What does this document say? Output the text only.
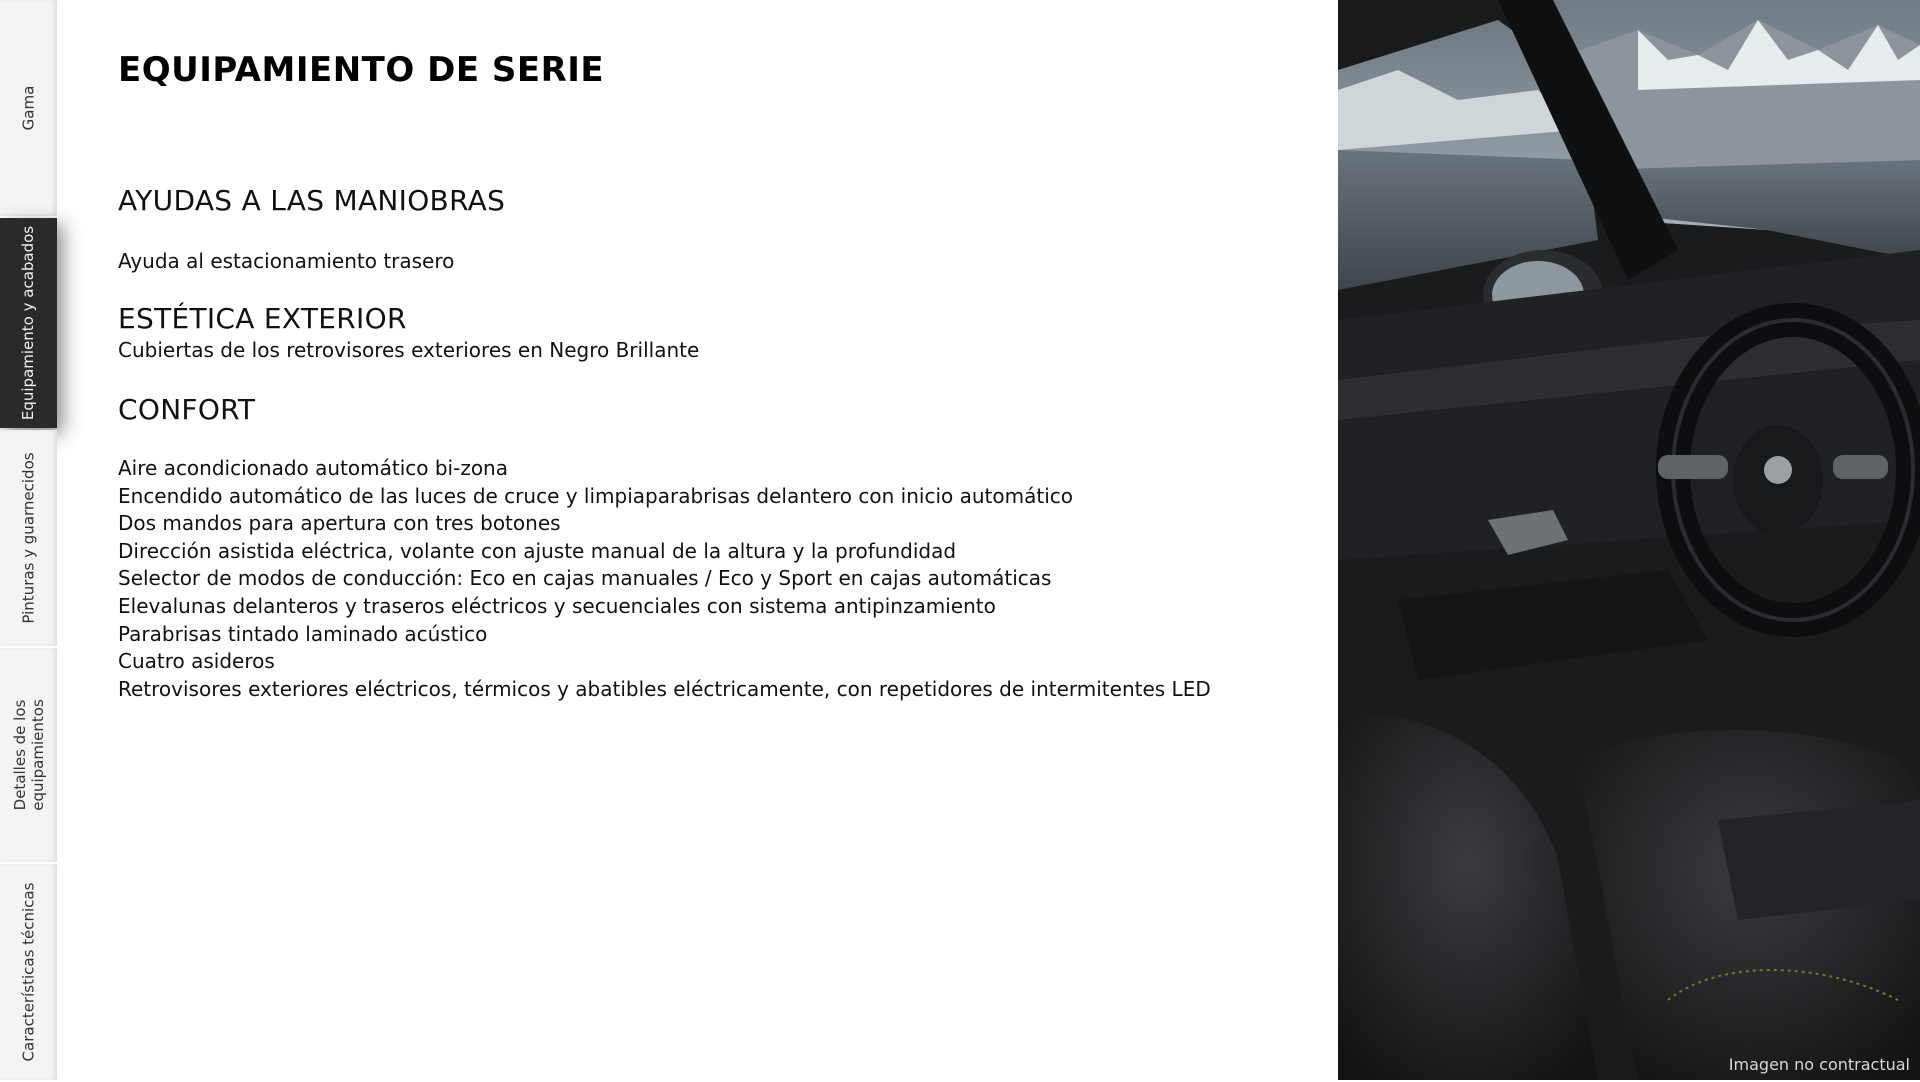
Gama
Equipamiento y acabados
Pinturas y guarnecidos
Detalles de los
equipamientos
Características técnicas
EQUIPAMIENTO DE SERIE
AYUDAS A LAS MANIOBRAS

Ayuda al estacionamiento trasero

ESTÉTICA EXTERIOR

Cubiertas de los retrovisores exteriores en Negro Brillante

CONFORT
Aire acondicionado automático bi-zona
Encendido automático de las luces de cruce y limpiaparabrisas delantero con inicio automático
Dos mandos para apertura con tres botones
Dirección asistida eléctrica, volante con ajuste manual de la altura y la profundidad
Selector de modos de conducción: Eco en cajas manuales / Eco y Sport en cajas automáticas
Elevalunas delanteros y traseros eléctricos y secuenciales con sistema antipinzamiento
Parabrisas tintado laminado acústico
Cuatro asideros
Retrovisores exteriores eléctricos, térmicos y abatibles eléctricamente, con repetidores de intermitentes LED
Imagen no contractual
